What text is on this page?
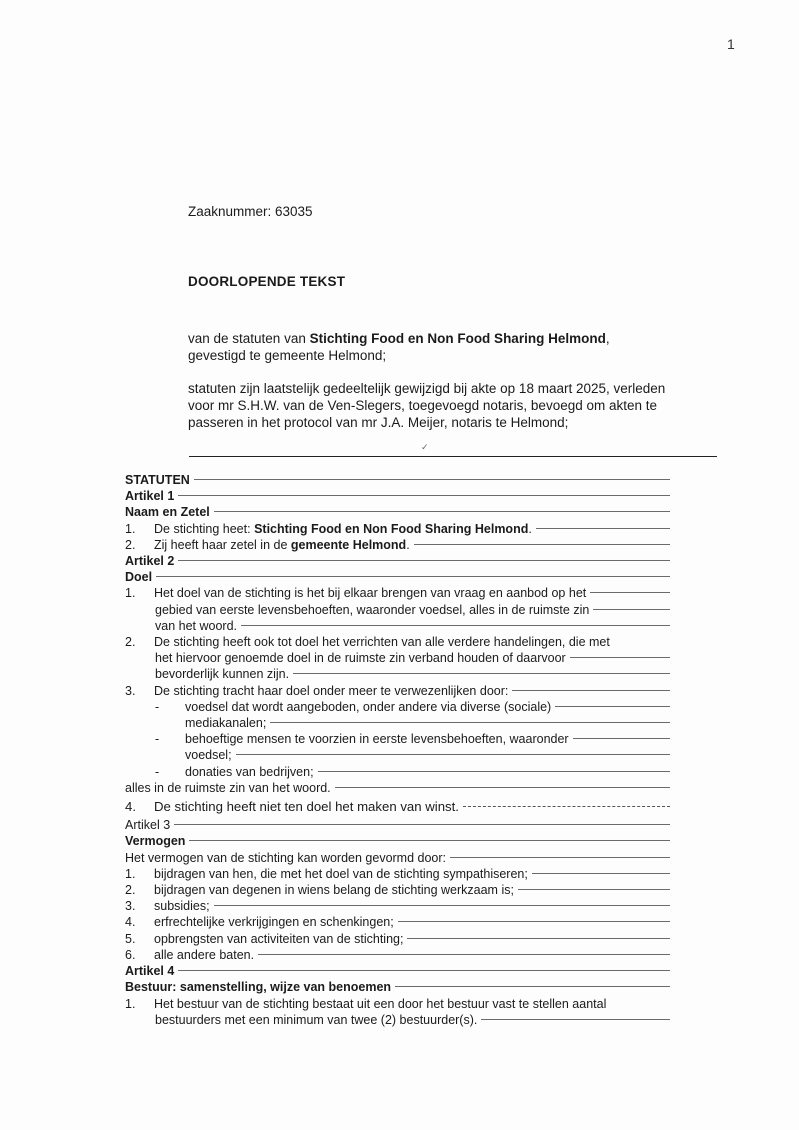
1

Zaaknummer: 63035

DOORLOPENDE TEKST

van de statuten van Stichting Food en Non Food Sharing Helmond,
gevestigd te gemeente Helmond;

statuten zijn laatstelijk gedeeltelijk gewijzigd bij akte op 18 maart 2025, verleden
voor mr S.H.W. van de Ven-Slegers, toegevoegd notaris, bevoegd om akten te
passeren in het protocol van mr J.A. Meijer, notaris te Helmond;

✓
STATUTEN
Artikel 1
Naam en Zetel
1. De stichting heet: Stichting Food en Non Food Sharing Helmond.
2. Zij heeft haar zetel in de gemeente Helmond.
Artikel 2
Doel
1. Het doel van de stichting is het bij elkaar brengen van vraag en aanbod op het
gebied van eerste levensbehoeften, waaronder voedsel, alles in de ruimste zin
van het woord.
2. De stichting heeft ook tot doel het verrichten van alle verdere handelingen, die met
het hiervoor genoemde doel in de ruimste zin verband houden of daarvoor
bevorderlijk kunnen zijn.
3. De stichting tracht haar doel onder meer te verwezenlijken door:
- voedsel dat wordt aangeboden, onder andere via diverse (sociale)
mediakanalen;
- behoeftige mensen te voorzien in eerste levensbehoeften, waaronder
voedsel;
- donaties van bedrijven;
alles in de ruimste zin van het woord.
4. De stichting heeft niet ten doel het maken van winst.
Artikel 3
Vermogen
Het vermogen van de stichting kan worden gevormd door:
1. bijdragen van hen, die met het doel van de stichting sympathiseren;
2. bijdragen van degenen in wiens belang de stichting werkzaam is;
3. subsidies;
4. erfrechtelijke verkrijgingen en schenkingen;
5. opbrengsten van activiteiten van de stichting;
6. alle andere baten.
Artikel 4
Bestuur: samenstelling, wijze van benoemen
1. Het bestuur van de stichting bestaat uit een door het bestuur vast te stellen aantal
bestuurders met een minimum van twee (2) bestuurder(s).
